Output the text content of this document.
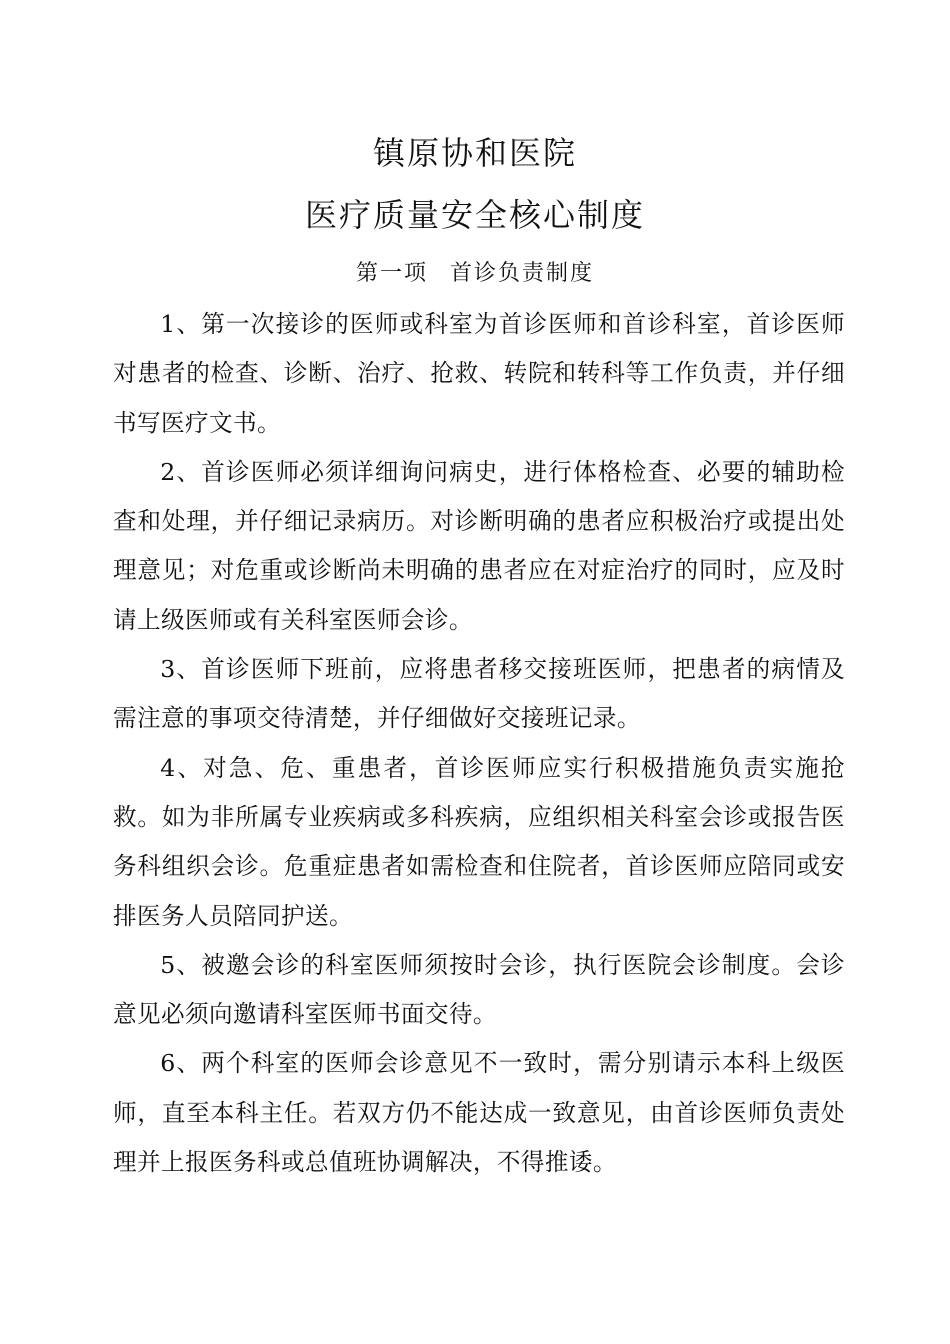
镇原协和医院
医疗质量安全核心制度
第一项 首诊负责制度

1、第一次接诊的医师或科室为首诊医师和首诊科室，首诊医师对患者的检查、诊断、治疗、抢救、转院和转科等工作负责，并仔细书写医疗文书。

2、首诊医师必须详细询问病史，进行体格检查、必要的辅助检查和处理，并仔细记录病历。对诊断明确的患者应积极治疗或提出处理意见；对危重或诊断尚未明确的患者应在对症治疗的同时，应及时请上级医师或有关科室医师会诊。

3、首诊医师下班前，应将患者移交接班医师，把患者的病情及需注意的事项交待清楚，并仔细做好交接班记录。

4、对急、危、重患者，首诊医师应实行积极措施负责实施抢救。如为非所属专业疾病或多科疾病，应组织相关科室会诊或报告医务科组织会诊。危重症患者如需检查和住院者，首诊医师应陪同或安排医务人员陪同护送。

5、被邀会诊的科室医师须按时会诊，执行医院会诊制度。会诊意见必须向邀请科室医师书面交待。

6、两个科室的医师会诊意见不一致时，需分别请示本科上级医师，直至本科主任。若双方仍不能达成一致意见，由首诊医师负责处理并上报医务科或总值班协调解决，不得推诿。
